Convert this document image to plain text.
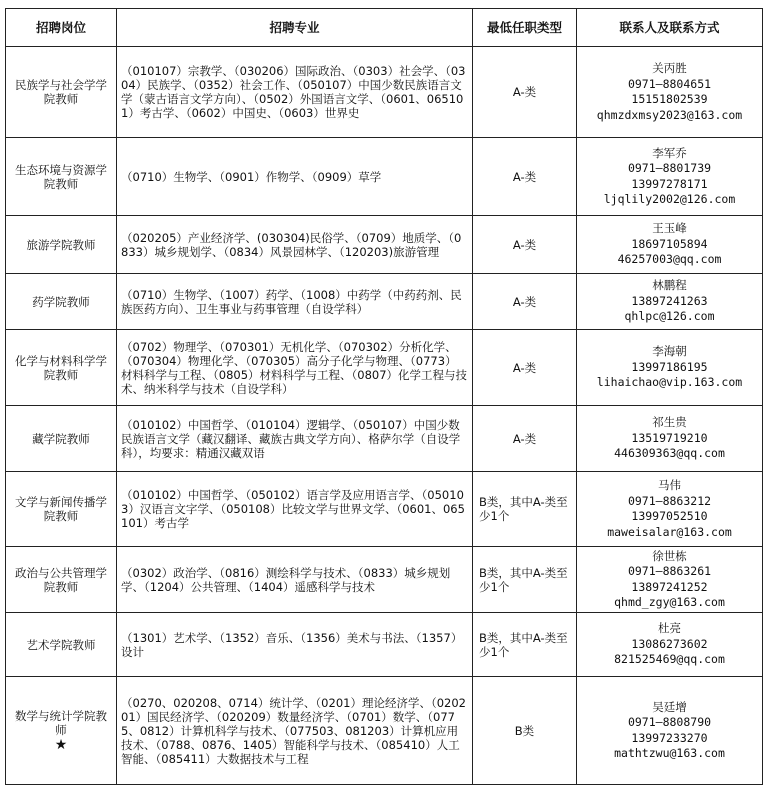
招聘岗位	招聘专业	最低任职类型	联系人及联系方式
民族学与社会学学院教师	（010107）宗教学、（030206）国际政治、（0303）社会学、（0304）民族学、（0352）社会工作、（050107）中国少数民族语言文学（蒙古语言文学方向）、（0502）外国语言文学、（0601、065101）考古学、（0602）中国史、（0603）世界史	A-类	关丙胜
0971—8804651
15151802539
qhmzdxmsy2023@163.com

生态环境与资源学院教师	（0710）生物学、（0901）作物学、（0909）草学	A-类	李军乔
0971—8801739
13997278171
ljqlily2002@126.com

旅游学院教师	（020205）产业经济学、(030304)民俗学、（0709）地质学、（0833）城乡规划学、（0834）风景园林学、（120203)旅游管理	A-类	王玉峰
18697105894
46257003@qq.com

药学院教师	（0710）生物学、（1007）药学、（1008）中药学（中药药剂、民族医药方向）、卫生事业与药事管理（自设学科）	A-类	林鹏程
13897241263
qhlpc@126.com

化学与材料科学学院教师	（0702）物理学、（070301）无机化学、（070302）分析化学、（070304）物理化学、（070305）高分子化学与物理、（0773）材料科学与工程、（0805）材料科学与工程、（0807）化学工程与技术、纳米科学与技术（自设学科）	A-类	李海朝
13997186195
lihaichao@vip.163.com

藏学院教师	（010102）中国哲学、（010104）逻辑学、（050107）中国少数民族语言文学（藏汉翻译、藏族古典文学方向）、格萨尔学（自设学科），均要求：精通汉藏双语	A-类	祁生贵
13519719210
446309363@qq.com

文学与新闻传播学院教师	（010102）中国哲学、（050102）语言学及应用语言学、（050103）汉语言文字学、（050108）比较文学与世界文学、（0601、065101）考古学	B类，其中A-类至少1个	马伟
0971—8863212
13997052510
maweisalar@163.com

政治与公共管理学院教师	（0302）政治学、（0816）测绘科学与技术、（0833）城乡规划学、（1204）公共管理、（1404）遥感科学与技术	B类，其中A-类至少1个	徐世栋
0971—8863261
13897241252
qhmd_zgy@163.com

艺术学院教师	（1301）艺术学、（1352）音乐、（1356）美术与书法、（1357）设计	B类，其中A-类至少1个	杜亮
13086273602
821525469@qq.com

数学与统计学院教师
★	（0270、020208、0714）统计学、（0201）理论经济学、（020201）国民经济学、（020209）数量经济学、（0701）数学、（0775、0812）计算机科学与技术、（077503、081203）计算机应用技术、（0788、0876、1405）智能科学与技术、（085410）人工智能、（085411）大数据技术与工程	B类	吴廷增
0971—8808790
13997233270
mathtzwu@163.com
